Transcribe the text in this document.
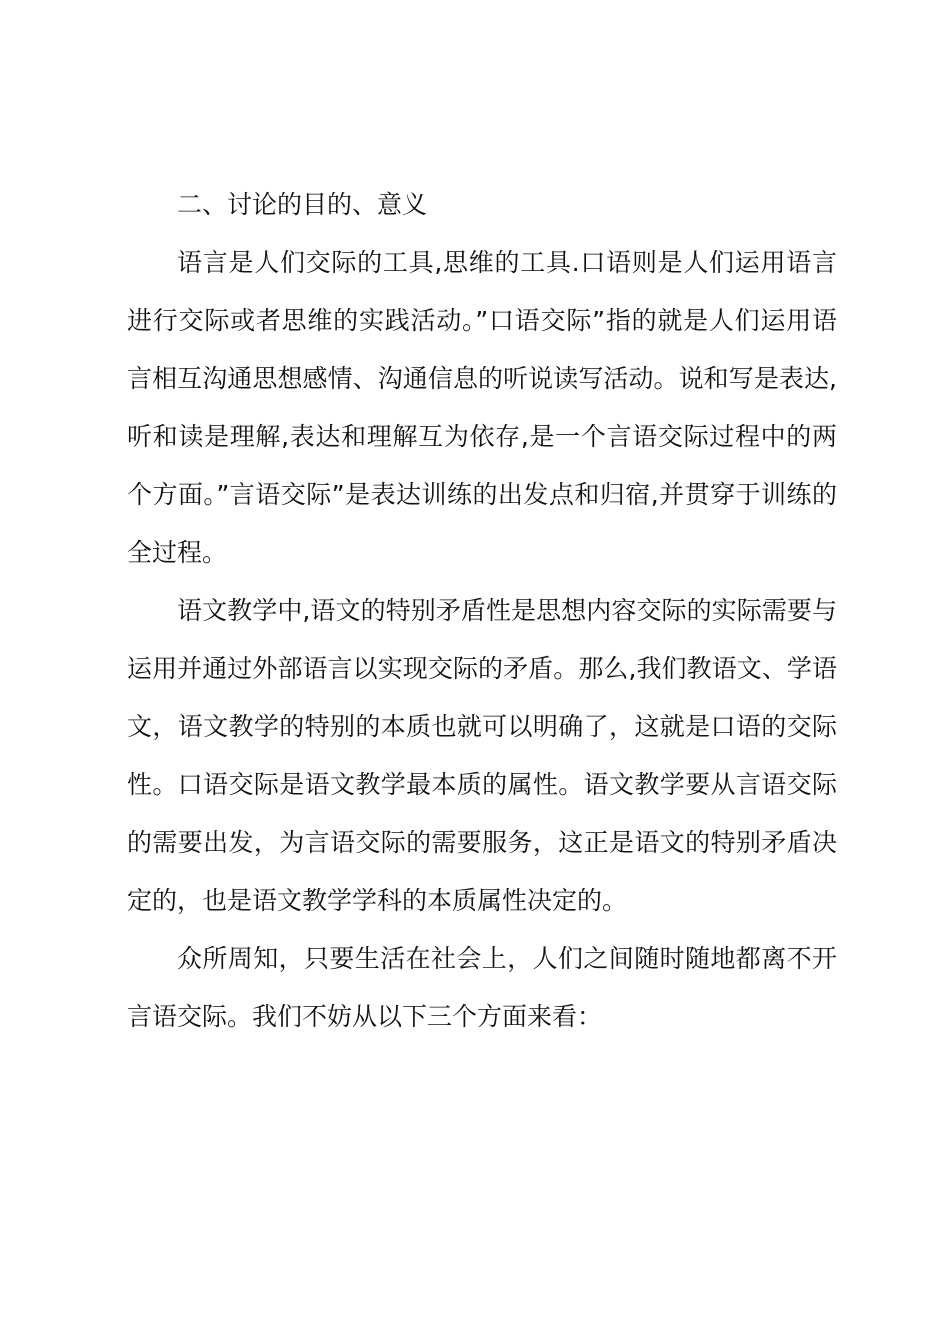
二、讨论的目的、意义

语言是人们交际的工具,思维的工具.口语则是人们运用语言进行交际或者思维的实践活动。”口语交际”指的就是人们运用语言相互沟通思想感情、沟通信息的听说读写活动。说和写是表达,听和读是理解,表达和理解互为依存,是一个言语交际过程中的两个方面。”言语交际”是表达训练的出发点和归宿,并贯穿于训练的全过程。

语文教学中,语文的特别矛盾性是思想内容交际的实际需要与运用并通过外部语言以实现交际的矛盾。那么,我们教语文、学语文，语文教学的特别的本质也就可以明确了，这就是口语的交际性。口语交际是语文教学最本质的属性。语文教学要从言语交际的需要出发，为言语交际的需要服务，这正是语文的特别矛盾决定的，也是语文教学学科的本质属性决定的。

众所周知，只要生活在社会上，人们之间随时随地都离不开言语交际。我们不妨从以下三个方面来看：
